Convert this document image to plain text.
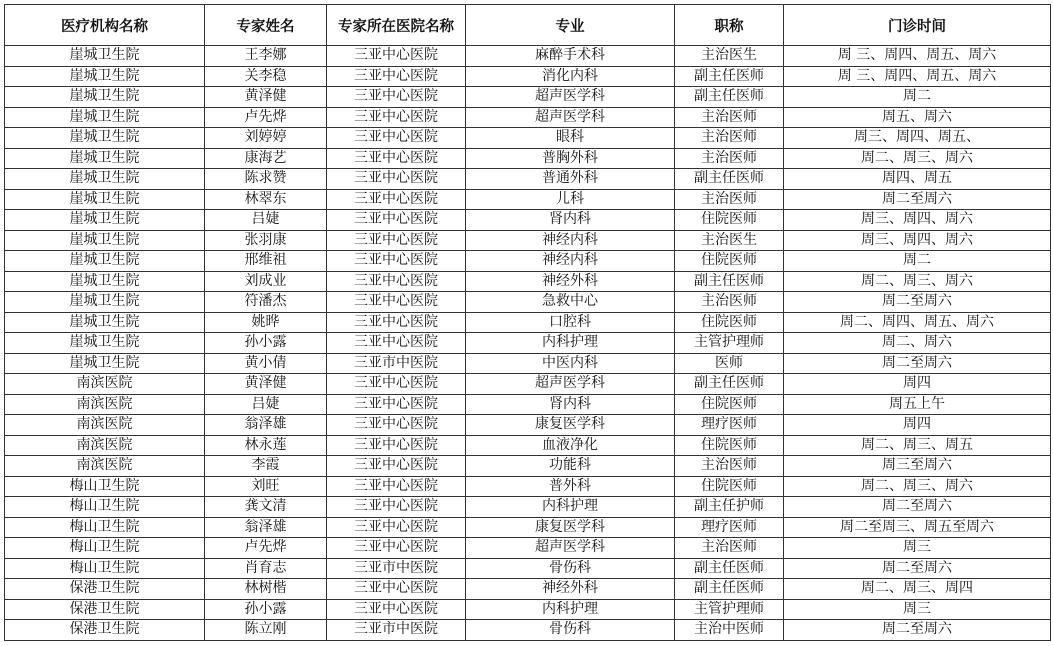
医疗机构名称	专家姓名	专家所在医院名称	专业	职称	门诊时间
崖城卫生院	王李娜	三亚中心医院	麻醉手术科	主治医生	周 三、周四、周五、周六
崖城卫生院	关李稳	三亚中心医院	消化内科	副主任医师	周 三、周四、周五、周六
崖城卫生院	黄泽健	三亚中心医院	超声医学科	副主任医师	周二
崖城卫生院	卢先烨	三亚中心医院	超声医学科	主治医师	周五、周六
崖城卫生院	刘婷婷	三亚中心医院	眼科	主治医师	周三、周四、周五、
崖城卫生院	康海艺	三亚中心医院	普胸外科	主治医师	周二、周三、周六
崖城卫生院	陈求赞	三亚中心医院	普通外科	副主任医师	周四、周五
崖城卫生院	林翠东	三亚中心医院	儿科	主治医师	周二至周六
崖城卫生院	吕婕	三亚中心医院	肾内科	住院医师	周三、周四、周六
崖城卫生院	张羽康	三亚中心医院	神经内科	主治医生	周三、周四、周六
崖城卫生院	邢维祖	三亚中心医院	神经内科	住院医师	周二
崖城卫生院	刘成业	三亚中心医院	神经外科	副主任医师	周二、周三、周六
崖城卫生院	符潘杰	三亚中心医院	急救中心	主治医师	周二至周六
崖城卫生院	姚晔	三亚中心医院	口腔科	住院医师	周二、周四、周五、周六
崖城卫生院	孙小露	三亚中心医院	内科护理	主管护理师	周二、周六
崖城卫生院	黄小倩	三亚市中医院	中医内科	医师	周二至周六
南滨医院	黄泽健	三亚中心医院	超声医学科	副主任医师	周四
南滨医院	吕婕	三亚中心医院	肾内科	住院医师	周五上午
南滨医院	翁泽雄	三亚中心医院	康复医学科	理疗医师	周四
南滨医院	林永莲	三亚中心医院	血液净化	住院医师	周二、周三、周五
南滨医院	李霞	三亚中心医院	功能科	主治医师	周三至周六
梅山卫生院	刘旺	三亚中心医院	普外科	住院医师	周二、周三、周六
梅山卫生院	龚文清	三亚中心医院	内科护理	副主任护师	周二至周六
梅山卫生院	翁泽雄	三亚中心医院	康复医学科	理疗医师	周二至周三、周五至周六
梅山卫生院	卢先烨	三亚中心医院	超声医学科	主治医师	周三
梅山卫生院	肖育志	三亚市中医院	骨伤科	副主任医师	周二至周六
保港卫生院	林树楷	三亚中心医院	神经外科	副主任医师	周二、周三、周四
保港卫生院	孙小露	三亚中心医院	内科护理	主管护理师	周三
保港卫生院	陈立刚	三亚市中医院	骨伤科	主治中医师	周二至周六
